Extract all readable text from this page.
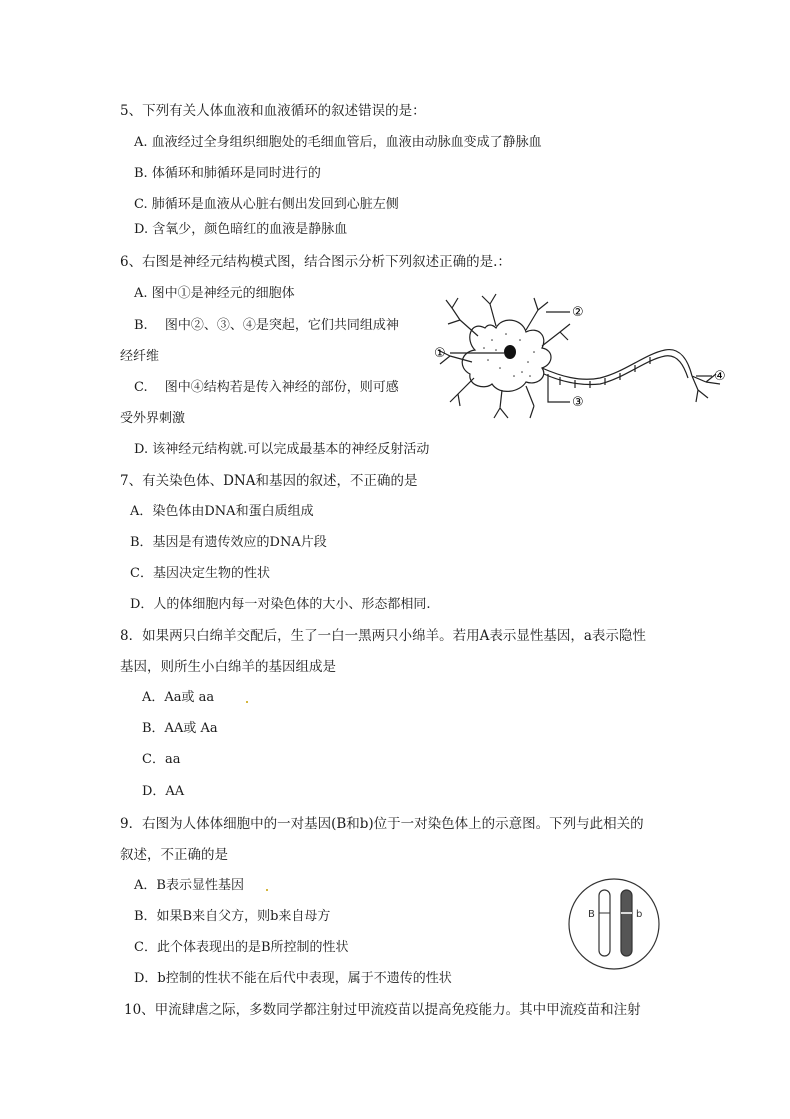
5、下列有关人体血液和血液循环的叙述错误的是：
A. 血液经过全身组织细胞处的毛细血管后，血液由动脉血变成了静脉血
B. 体循环和肺循环是同时进行的
C. 肺循环是血液从心脏右侧出发回到心脏左侧
D. 含氧少，颜色暗红的血液是静脉血
6、右图是神经元结构模式图，结合图示分析下列叙述正确的是.：
A. 图中①是神经元的细胞体
B.　 图中②、③、④是突起，它们共同组成神
经纤维
C.　 图中④结构若是传入神经的部份，则可感
受外界刺激
D. 该神经元结构就.可以完成最基本的神经反射活动
①
②
③
④
7、有关染色体、DNA和基因的叙述，不正确的是
A．染色体由DNA和蛋白质组成
B．基因是有遗传效应的DNA片段
C．基因决定生物的性状
D．人的体细胞内每一对染色体的大小、形态都相同.
8．如果两只白绵羊交配后，生了一白一黑两只小绵羊。若用A表示显性基因，a表示隐性
基因，则所生小白绵羊的基因组成是
A．Aa或 aa
B．AA或 Aa
C．aa
D．AA
9．右图为人体体细胞中的一对基因(B和b)位于一对染色体上的示意图。下列与此相关的
叙述，不正确的是
A．B表示显性基因
B．如果B来自父方，则b来自母方
C．此个体表现出的是B所控制的性状
D．b控制的性状不能在后代中表现，属于不遗传的性状
B	b
10、甲流肆虐之际，多数同学都注射过甲流疫苗以提高免疫能力。其中甲流疫苗和注射
